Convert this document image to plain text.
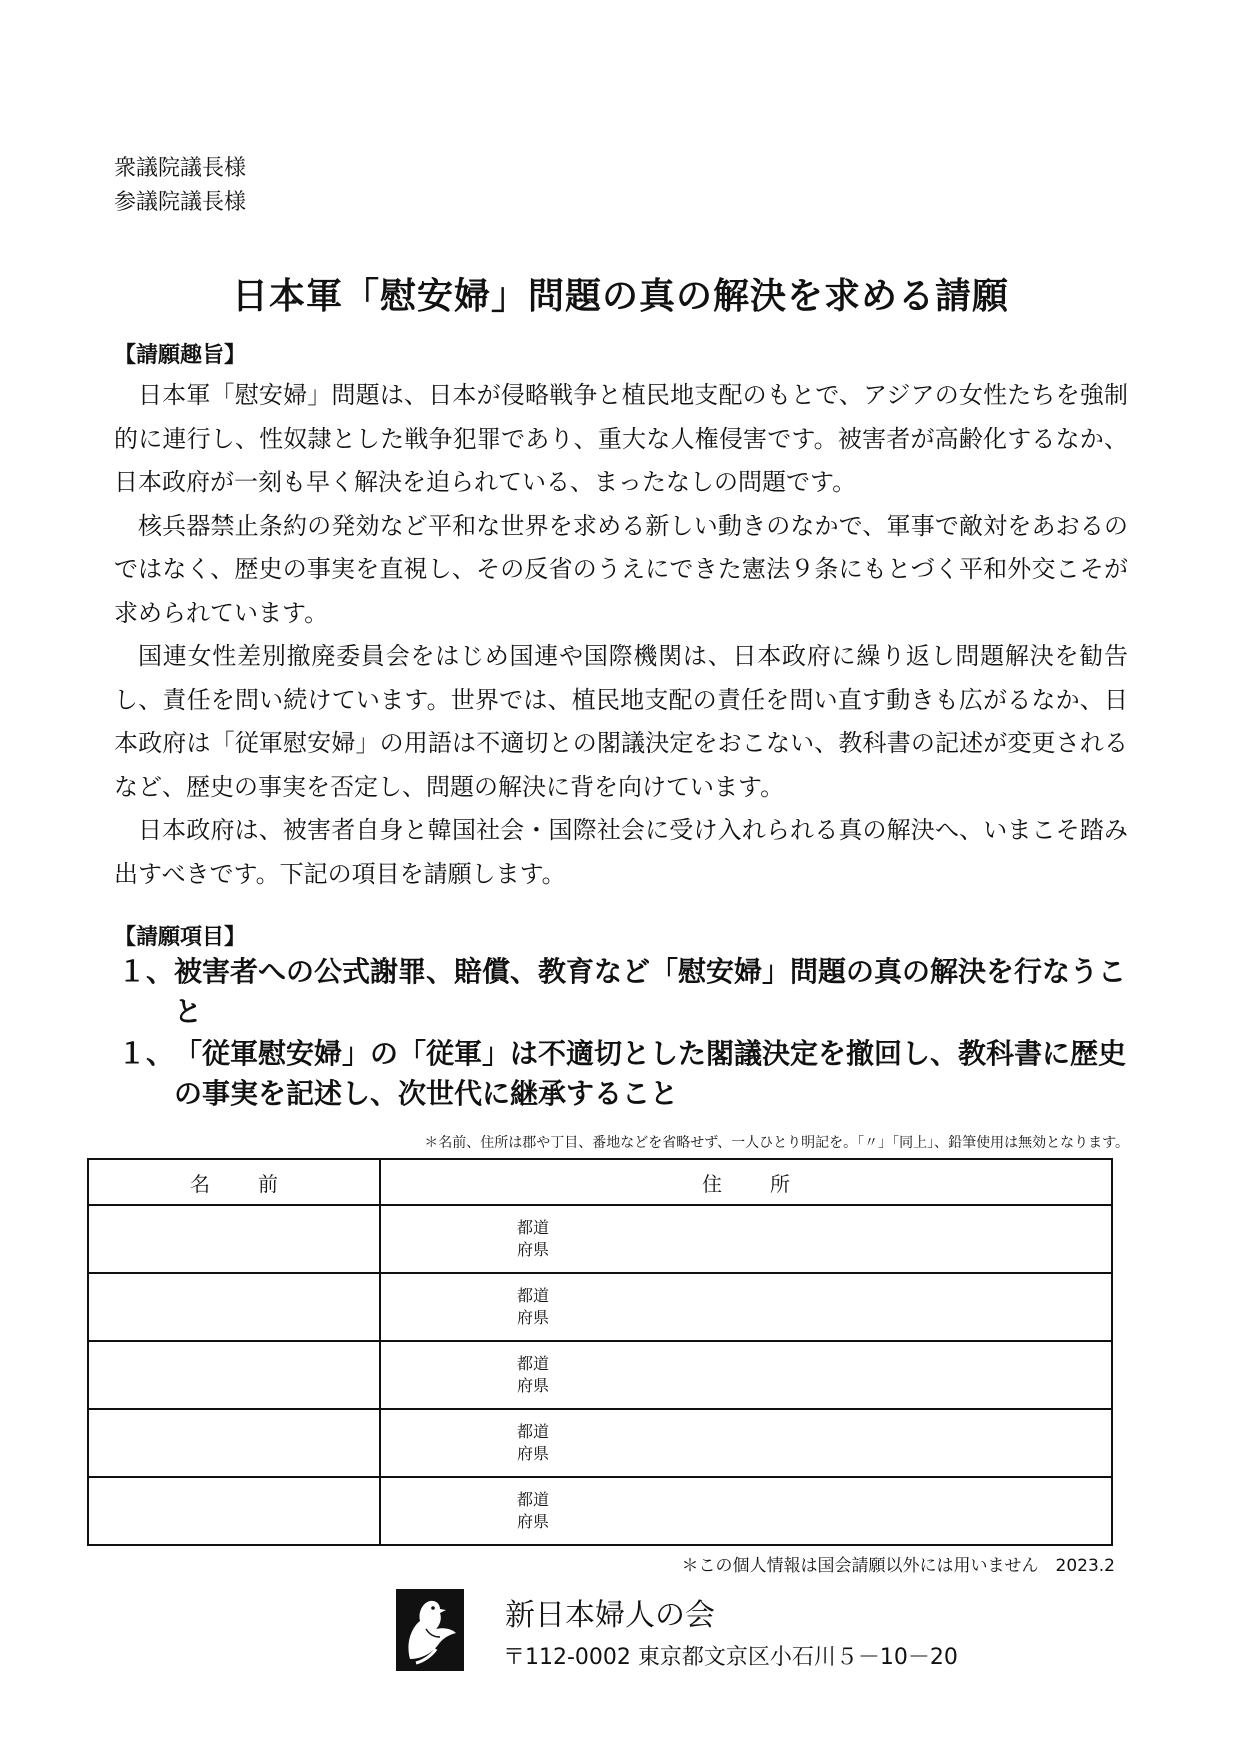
衆議院議長様
参議院議長様
日本軍「慰安婦」問題の真の解決を求める請願
【請願趣旨】

日本軍「慰安婦」問題は、日本が侵略戦争と植民地支配のもとで、アジアの女性たちを強制的に連行し、性奴隷とした戦争犯罪であり、重大な人権侵害です。被害者が高齢化するなか、日本政府が一刻も早く解決を迫られている、まったなしの問題です。

核兵器禁止条約の発効など平和な世界を求める新しい動きのなかで、軍事で敵対をあおるのではなく、歴史の事実を直視し、その反省のうえにできた憲法９条にもとづく平和外交こそが求められています。

国連女性差別撤廃委員会をはじめ国連や国際機関は、日本政府に繰り返し問題解決を勧告し、責任を問い続けています。世界では、植民地支配の責任を問い直す動きも広がるなか、日本政府は「従軍慰安婦」の用語は不適切との閣議決定をおこない、教科書の記述が変更されるなど、歴史の事実を否定し、問題の解決に背を向けています。

日本政府は、被害者自身と韓国社会・国際社会に受け入れられる真の解決へ、いまこそ踏み出すべきです。下記の項目を請願します。

【請願項目】
１、 被害者への公式謝罪、賠償、教育など「慰安婦」問題の真の解決を行なうこと
１、 「従軍慰安婦」の「従軍」は不適切とした閣議決定を撤回し、教科書に歴史の事実を記述し、次世代に継承すること
＊名前、住所は郡や丁目、番地などを省略せず、一人ひとり明記を。「〃」「同上」、鉛筆使用は無効となります。
名前	住所

	都道
府県

	都道
府県

	都道
府県

	都道
府県

	都道
府県
＊この個人情報は国会請願以外には用いません　2023.2
新日本婦人の会
〒112-0002 東京都文京区小石川５－10－20
